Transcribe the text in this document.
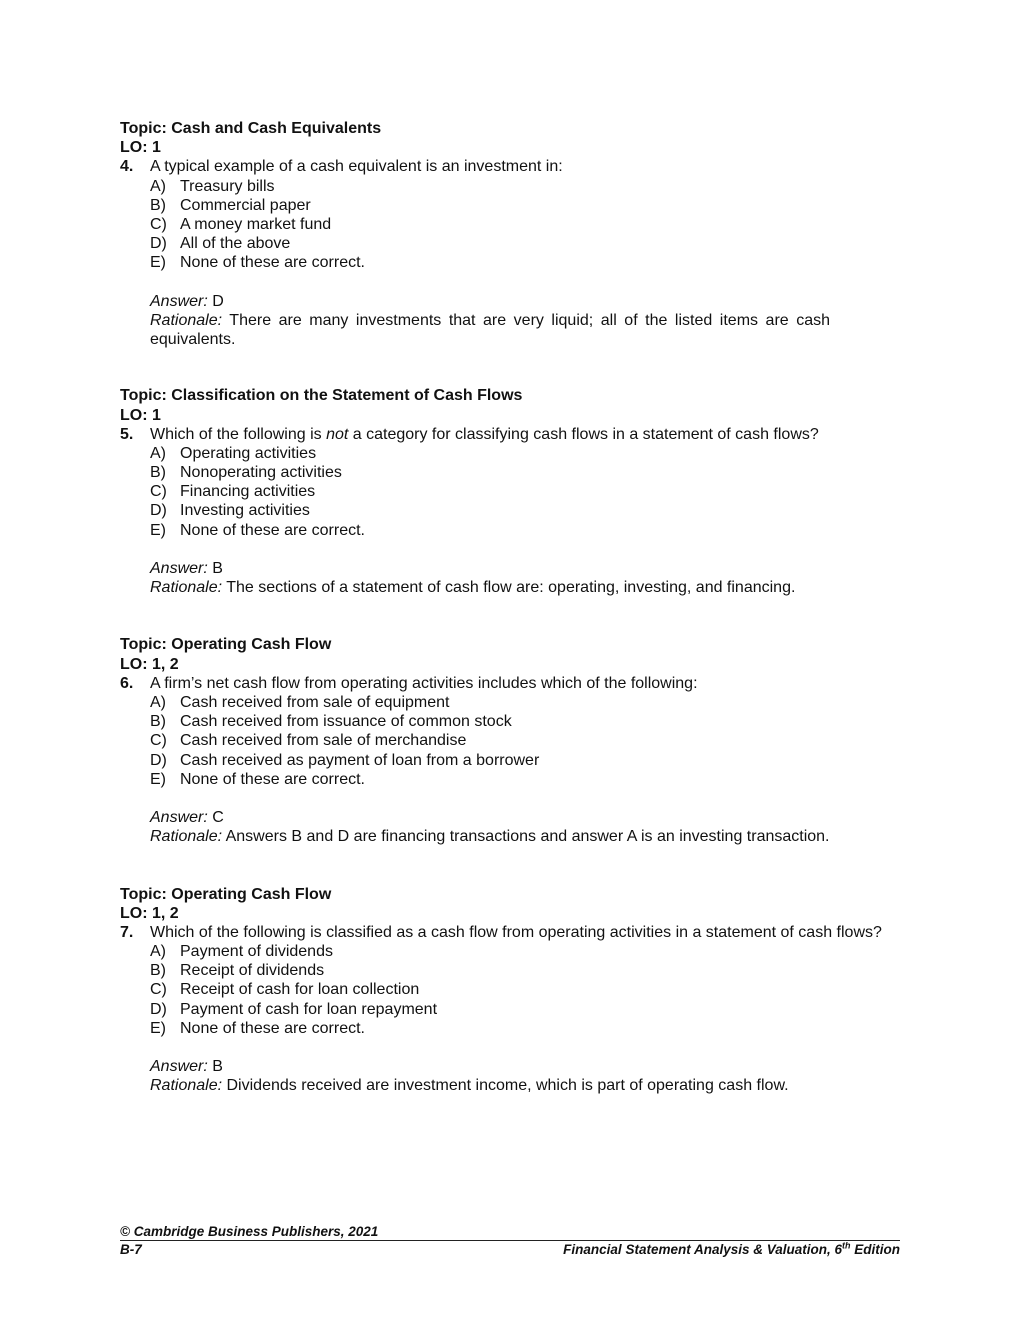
Topic: Cash and Cash Equivalents
LO: 1
4. A typical example of a cash equivalent is an investment in:
A) Treasury bills
B) Commercial paper
C) A money market fund
D) All of the above
E) None of these are correct.
Answer: D
Rationale: There are many investments that are very liquid; all of the listed items are cash equivalents.
Topic: Classification on the Statement of Cash Flows
LO: 1
5. Which of the following is not a category for classifying cash flows in a statement of cash flows?
A) Operating activities
B) Nonoperating activities
C) Financing activities
D) Investing activities
E) None of these are correct.
Answer: B
Rationale: The sections of a statement of cash flow are: operating, investing, and financing.
Topic: Operating Cash Flow
LO: 1, 2
6. A firm’s net cash flow from operating activities includes which of the following:
A) Cash received from sale of equipment
B) Cash received from issuance of common stock
C) Cash received from sale of merchandise
D) Cash received as payment of loan from a borrower
E) None of these are correct.
Answer: C
Rationale: Answers B and D are financing transactions and answer A is an investing transaction.
Topic: Operating Cash Flow
LO: 1, 2
7. Which of the following is classified as a cash flow from operating activities in a statement of cash flows?
A) Payment of dividends
B) Receipt of dividends
C) Receipt of cash for loan collection
D) Payment of cash for loan repayment
E) None of these are correct.
Answer: B
Rationale: Dividends received are investment income, which is part of operating cash flow.
© Cambridge Business Publishers, 2021
B-7	Financial Statement Analysis & Valuation, 6th Edition
